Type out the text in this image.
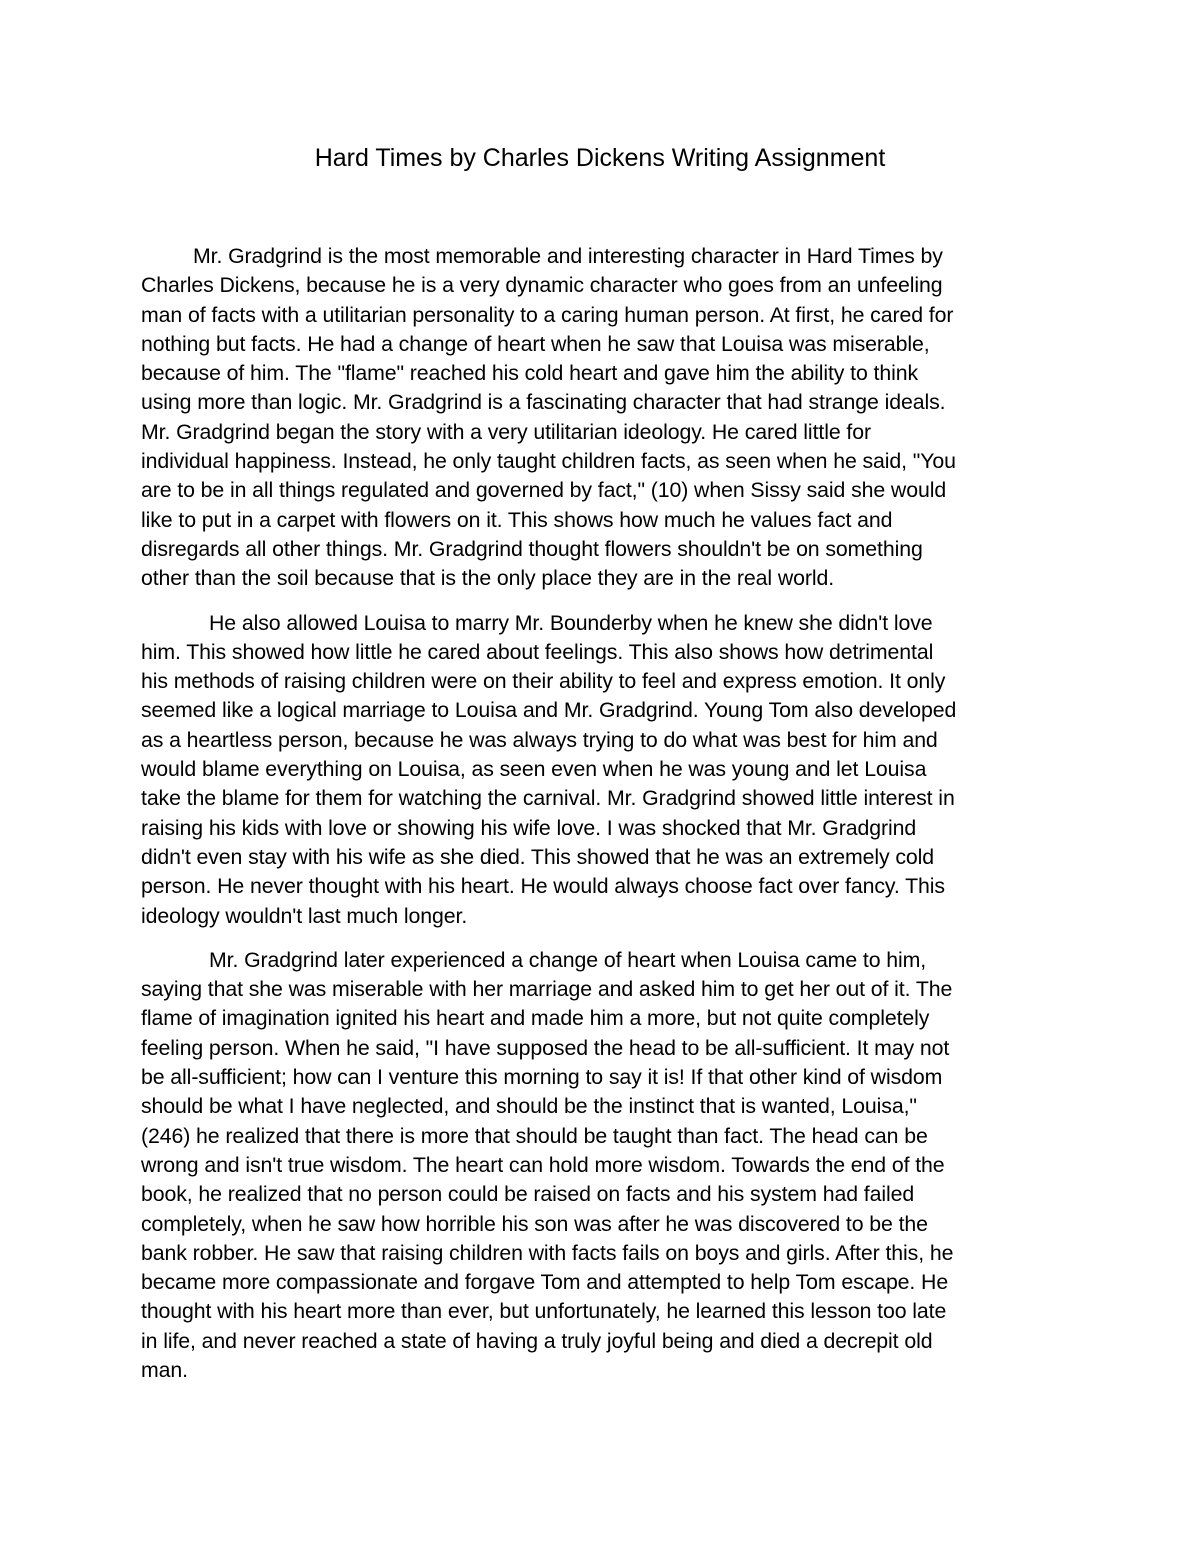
Hard Times by Charles Dickens Writing Assignment

Mr. Gradgrind is the most memorable and interesting character in Hard Times by
Charles Dickens, because he is a very dynamic character who goes from an unfeeling
man of facts with a utilitarian personality to a caring human person. At first, he cared for
nothing but facts. He had a change of heart when he saw that Louisa was miserable,
because of him. The "flame" reached his cold heart and gave him the ability to think
using more than logic. Mr. Gradgrind is a fascinating character that had strange ideals.
Mr. Gradgrind began the story with a very utilitarian ideology. He cared little for
individual happiness. Instead, he only taught children facts, as seen when he said, "You
are to be in all things regulated and governed by fact," (10) when Sissy said she would
like to put in a carpet with flowers on it. This shows how much he values fact and
disregards all other things. Mr. Gradgrind thought flowers shouldn't be on something
other than the soil because that is the only place they are in the real world.

He also allowed Louisa to marry Mr. Bounderby when he knew she didn't love
him. This showed how little he cared about feelings. This also shows how detrimental
his methods of raising children were on their ability to feel and express emotion. It only
seemed like a logical marriage to Louisa and Mr. Gradgrind. Young Tom also developed
as a heartless person, because he was always trying to do what was best for him and
would blame everything on Louisa, as seen even when he was young and let Louisa
take the blame for them for watching the carnival. Mr. Gradgrind showed little interest in
raising his kids with love or showing his wife love. I was shocked that Mr. Gradgrind
didn't even stay with his wife as she died. This showed that he was an extremely cold
person. He never thought with his heart. He would always choose fact over fancy. This
ideology wouldn't last much longer.

Mr. Gradgrind later experienced a change of heart when Louisa came to him,
saying that she was miserable with her marriage and asked him to get her out of it. The
flame of imagination ignited his heart and made him a more, but not quite completely
feeling person. When he said, "I have supposed the head to be all-sufficient. It may not
be all-sufficient; how can I venture this morning to say it is! If that other kind of wisdom
should be what I have neglected, and should be the instinct that is wanted, Louisa,"
(246) he realized that there is more that should be taught than fact. The head can be
wrong and isn't true wisdom. The heart can hold more wisdom. Towards the end of the
book, he realized that no person could be raised on facts and his system had failed
completely, when he saw how horrible his son was after he was discovered to be the
bank robber. He saw that raising children with facts fails on boys and girls. After this, he
became more compassionate and forgave Tom and attempted to help Tom escape. He
thought with his heart more than ever, but unfortunately, he learned this lesson too late
in life, and never reached a state of having a truly joyful being and died a decrepit old
man.
